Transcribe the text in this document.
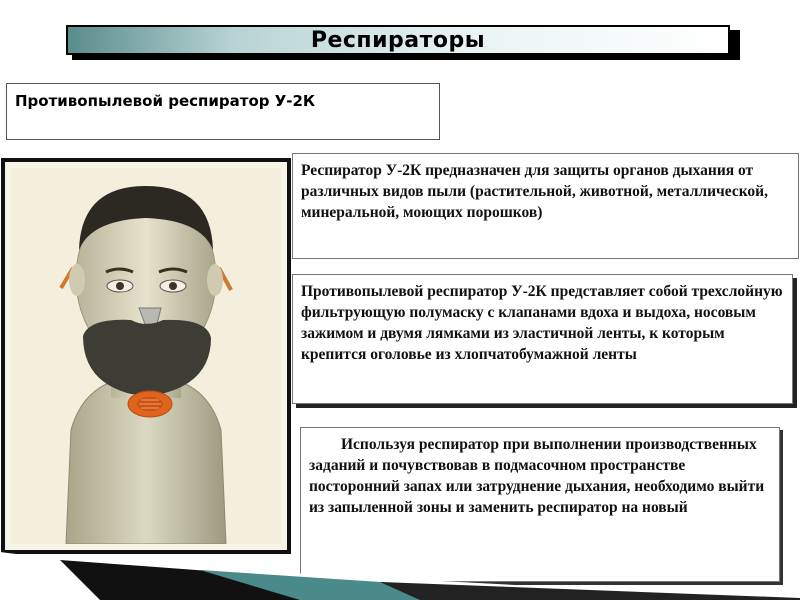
Респираторы
Противопылевой респиратор У-2К

Респиратор У-2К предназначен для защиты органов дыхания от различных видов пыли (растительной, животной, металлической, минеральной, моющих порошков)

Противопылевой респиратор У-2К представляет собой трехслойную фильтрующую полумаску с клапанами вдоха и выдоха, носовым зажимом и двумя лямками из эластичной ленты, к которым крепится оголовье из хлопчатобумажной ленты

Используя респиратор при выполнении производственных заданий и почувствовав в подмасочном пространстве посторонний запах или затруднение дыхания, необходимо выйти из запыленной зоны и заменить респиратор на новый
